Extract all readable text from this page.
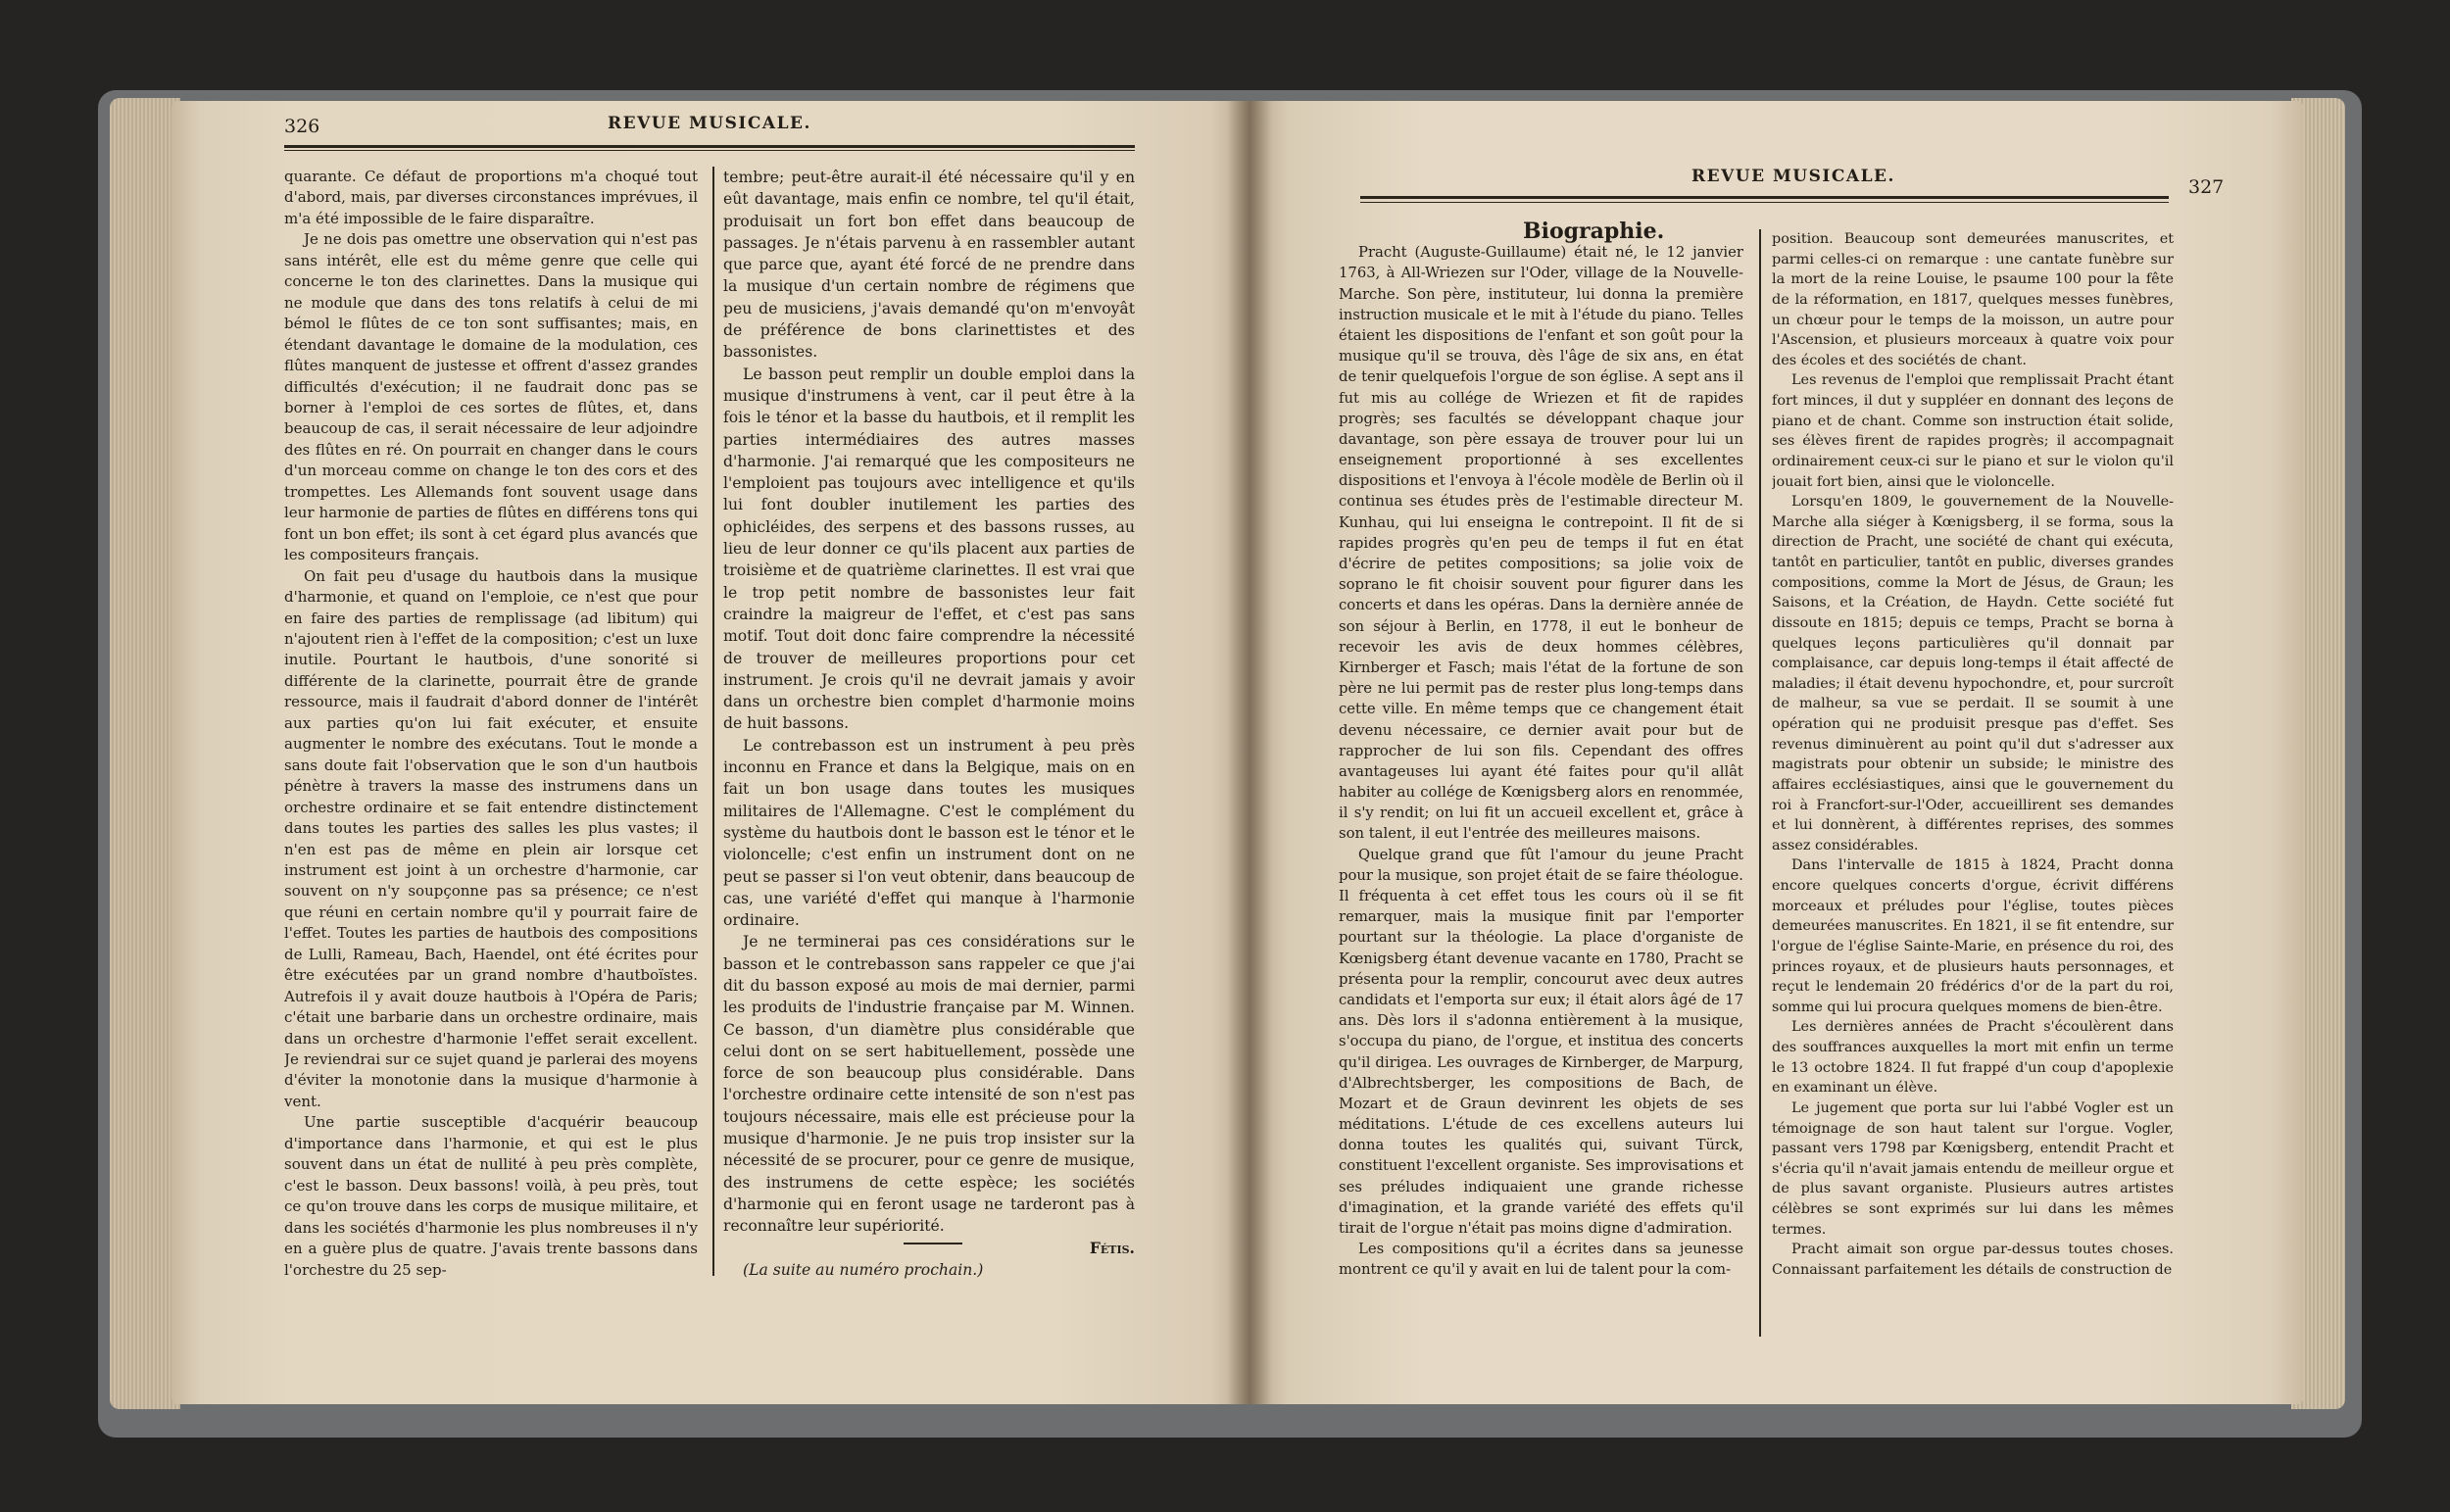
326	REVUE MUSICALE.

quarante. Ce défaut de proportions m'a choqué tout d'abord, mais, par diverses circonstances imprévues, il m'a été impossible de le faire disparaître.

Je ne dois pas omettre une observation qui n'est pas sans intérêt, elle est du même genre que celle qui concerne le ton des clarinettes. Dans la musique qui ne module que dans des tons relatifs à celui de mi bémol le flûtes de ce ton sont suffisantes; mais, en étendant davantage le domaine de la modulation, ces flûtes manquent de justesse et offrent d'assez grandes difficultés d'exécution; il ne faudrait donc pas se borner à l'emploi de ces sortes de flûtes, et, dans beaucoup de cas, il serait nécessaire de leur adjoindre des flûtes en ré. On pourrait en changer dans le cours d'un morceau comme on change le ton des cors et des trompettes. Les Allemands font souvent usage dans leur harmonie de parties de flûtes en différens tons qui font un bon effet; ils sont à cet égard plus avancés que les compositeurs français.

On fait peu d'usage du hautbois dans la musique d'harmonie, et quand on l'emploie, ce n'est que pour en faire des parties de remplissage (ad libitum) qui n'ajoutent rien à l'effet de la composition; c'est un luxe inutile. Pourtant le hautbois, d'une sonorité si différente de la clarinette, pourrait être de grande ressource, mais il faudrait d'abord donner de l'intérêt aux parties qu'on lui fait exécuter, et ensuite augmenter le nombre des exécutans. Tout le monde a sans doute fait l'observation que le son d'un hautbois pénètre à travers la masse des instrumens dans un orchestre ordinaire et se fait entendre distinctement dans toutes les parties des salles les plus vastes; il n'en est pas de même en plein air lorsque cet instrument est joint à un orchestre d'harmonie, car souvent on n'y soupçonne pas sa présence; ce n'est que réuni en certain nombre qu'il y pourrait faire de l'effet. Toutes les parties de hautbois des compositions de Lulli, Rameau, Bach, Haendel, ont été écrites pour être exécutées par un grand nombre d'hautboïstes. Autrefois il y avait douze hautbois à l'Opéra de Paris; c'était une barbarie dans un orchestre ordinaire, mais dans un orchestre d'harmonie l'effet serait excellent. Je reviendrai sur ce sujet quand je parlerai des moyens d'éviter la monotonie dans la musique d'harmonie à vent.

Une partie susceptible d'acquérir beaucoup d'importance dans l'harmonie, et qui est le plus souvent dans un état de nullité à peu près complète, c'est le basson. Deux bassons! voilà, à peu près, tout ce qu'on trouve dans les corps de musique militaire, et dans les sociétés d'harmonie les plus nombreuses il n'y en a guère plus de quatre. J'avais trente bassons dans l'orchestre du 25 sep-

tembre; peut-être aurait-il été nécessaire qu'il y en eût davantage, mais enfin ce nombre, tel qu'il était, produisait un fort bon effet dans beaucoup de passages. Je n'étais parvenu à en rassembler autant que parce que, ayant été forcé de ne prendre dans la musique d'un certain nombre de régimens que peu de musiciens, j'avais demandé qu'on m'envoyât de préférence de bons clarinettistes et des bassonistes.

Le basson peut remplir un double emploi dans la musique d'instrumens à vent, car il peut être à la fois le ténor et la basse du hautbois, et il remplit les parties intermédiaires des autres masses d'harmonie. J'ai remarqué que les compositeurs ne l'emploient pas toujours avec intelligence et qu'ils lui font doubler inutilement les parties des ophicléides, des serpens et des bassons russes, au lieu de leur donner ce qu'ils placent aux parties de troisième et de quatrième clarinettes. Il est vrai que le trop petit nombre de bassonistes leur fait craindre la maigreur de l'effet, et c'est pas sans motif. Tout doit donc faire comprendre la nécessité de trouver de meilleures proportions pour cet instrument. Je crois qu'il ne devrait jamais y avoir dans un orchestre bien complet d'harmonie moins de huit bassons.

Le contrebasson est un instrument à peu près inconnu en France et dans la Belgique, mais on en fait un bon usage dans toutes les musiques militaires de l'Allemagne. C'est le complément du système du hautbois dont le basson est le ténor et le violoncelle; c'est enfin un instrument dont on ne peut se passer si l'on veut obtenir, dans beaucoup de cas, une variété d'effet qui manque à l'harmonie ordinaire.

Je ne terminerai pas ces considérations sur le basson et le contrebasson sans rappeler ce que j'ai dit du basson exposé au mois de mai dernier, parmi les produits de l'industrie française par M. Winnen. Ce basson, d'un diamètre plus considérable que celui dont on se sert habituellement, possède une force de son beaucoup plus considérable. Dans l'orchestre ordinaire cette intensité de son n'est pas toujours nécessaire, mais elle est précieuse pour la musique d'harmonie. Je ne puis trop insister sur la nécessité de se procurer, pour ce genre de musique, des instrumens de cette espèce; les sociétés d'harmonie qui en feront usage ne tarderont pas à reconnaître leur supériorité.

Fétis.

(La suite au numéro prochain.)

REVUE MUSICALE.	327

Biographie.

Pracht (Auguste-Guillaume) était né, le 12 janvier 1763, à All-Wriezen sur l'Oder, village de la Nouvelle-Marche. Son père, instituteur, lui donna la première instruction musicale et le mit à l'étude du piano. Telles étaient les dispositions de l'enfant et son goût pour la musique qu'il se trouva, dès l'âge de six ans, en état de tenir quelquefois l'orgue de son église. A sept ans il fut mis au collége de Wriezen et fit de rapides progrès; ses facultés se développant chaque jour davantage, son père essaya de trouver pour lui un enseignement proportionné à ses excellentes dispositions et l'envoya à l'école modèle de Berlin où il continua ses études près de l'estimable directeur M. Kunhau, qui lui enseigna le contrepoint. Il fit de si rapides progrès qu'en peu de temps il fut en état d'écrire de petites compositions; sa jolie voix de soprano le fit choisir souvent pour figurer dans les concerts et dans les opéras. Dans la dernière année de son séjour à Berlin, en 1778, il eut le bonheur de recevoir les avis de deux hommes célèbres, Kirnberger et Fasch; mais l'état de la fortune de son père ne lui permit pas de rester plus long-temps dans cette ville. En même temps que ce changement était devenu nécessaire, ce dernier avait pour but de rapprocher de lui son fils. Cependant des offres avantageuses lui ayant été faites pour qu'il allât habiter au collége de Kœnigsberg alors en renommée, il s'y rendit; on lui fit un accueil excellent et, grâce à son talent, il eut l'entrée des meilleures maisons.

Quelque grand que fût l'amour du jeune Pracht pour la musique, son projet était de se faire théologue. Il fréquenta à cet effet tous les cours où il se fit remarquer, mais la musique finit par l'emporter pourtant sur la théologie. La place d'organiste de Kœnigsberg étant devenue vacante en 1780, Pracht se présenta pour la remplir, concourut avec deux autres candidats et l'emporta sur eux; il était alors âgé de 17 ans. Dès lors il s'adonna entièrement à la musique, s'occupa du piano, de l'orgue, et institua des concerts qu'il dirigea. Les ouvrages de Kirnberger, de Marpurg, d'Albrechtsberger, les compositions de Bach, de Mozart et de Graun devinrent les objets de ses méditations. L'étude de ces excellens auteurs lui donna toutes les qualités qui, suivant Türck, constituent l'excellent organiste. Ses improvisations et ses préludes indiquaient une grande richesse d'imagination, et la grande variété des effets qu'il tirait de l'orgue n'était pas moins digne d'admiration.

Les compositions qu'il a écrites dans sa jeunesse montrent ce qu'il y avait en lui de talent pour la com-

position. Beaucoup sont demeurées manuscrites, et parmi celles-ci on remarque : une cantate funèbre sur la mort de la reine Louise, le psaume 100 pour la fête de la réformation, en 1817, quelques messes funèbres, un chœur pour le temps de la moisson, un autre pour l'Ascension, et plusieurs morceaux à quatre voix pour des écoles et des sociétés de chant.

Les revenus de l'emploi que remplissait Pracht étant fort minces, il dut y suppléer en donnant des leçons de piano et de chant. Comme son instruction était solide, ses élèves firent de rapides progrès; il accompagnait ordinairement ceux-ci sur le piano et sur le violon qu'il jouait fort bien, ainsi que le violoncelle.

Lorsqu'en 1809, le gouvernement de la Nouvelle-Marche alla siéger à Kœnigsberg, il se forma, sous la direction de Pracht, une société de chant qui exécuta, tantôt en particulier, tantôt en public, diverses grandes compositions, comme la Mort de Jésus, de Graun; les Saisons, et la Création, de Haydn. Cette société fut dissoute en 1815; depuis ce temps, Pracht se borna à quelques leçons particulières qu'il donnait par complaisance, car depuis long-temps il était affecté de maladies; il était devenu hypochondre, et, pour surcroît de malheur, sa vue se perdait. Il se soumit à une opération qui ne produisit presque pas d'effet. Ses revenus diminuèrent au point qu'il dut s'adresser aux magistrats pour obtenir un subside; le ministre des affaires ecclésiastiques, ainsi que le gouvernement du roi à Francfort-sur-l'Oder, accueillirent ses demandes et lui donnèrent, à différentes reprises, des sommes assez considérables.

Dans l'intervalle de 1815 à 1824, Pracht donna encore quelques concerts d'orgue, écrivit différens morceaux et préludes pour l'église, toutes pièces demeurées manuscrites. En 1821, il se fit entendre, sur l'orgue de l'église Sainte-Marie, en présence du roi, des princes royaux, et de plusieurs hauts personnages, et reçut le lendemain 20 frédérics d'or de la part du roi, somme qui lui procura quelques momens de bien-être.

Les dernières années de Pracht s'écoulèrent dans des souffrances auxquelles la mort mit enfin un terme le 13 octobre 1824. Il fut frappé d'un coup d'apoplexie en examinant un élève.

Le jugement que porta sur lui l'abbé Vogler est un témoignage de son haut talent sur l'orgue. Vogler, passant vers 1798 par Kœnigsberg, entendit Pracht et s'écria qu'il n'avait jamais entendu de meilleur orgue et de plus savant organiste. Plusieurs autres artistes célèbres se sont exprimés sur lui dans les mêmes termes.

Pracht aimait son orgue par-dessus toutes choses. Connaissant parfaitement les détails de construction de
